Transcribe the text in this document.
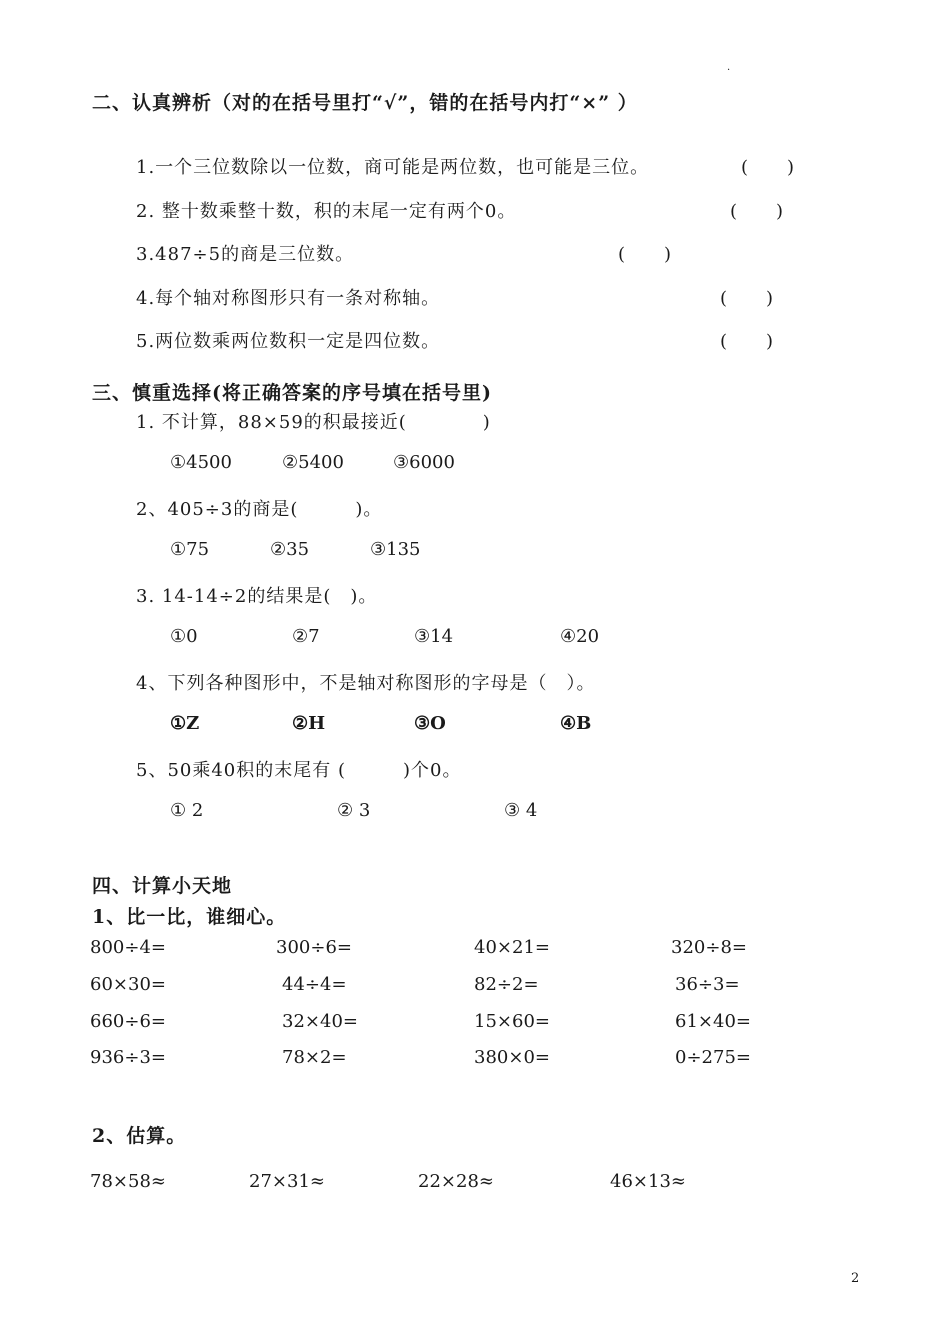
.
二、认真辨析（对的在括号里打“√”，错的在括号内打“×” ）
1.一个三位数除以一位数，商可能是两位数，也可能是三位。	(　　)
2. 整十数乘整十数，积的末尾一定有两个0。	(　　)
3.487÷5的商是三位数。	(　　)
4.每个轴对称图形只有一条对称轴。	(　　)
5.两位数乘两位数积一定是四位数。	(　　)
三、慎重选择(将正确答案的序号填在括号里)
1. 不计算，88×59的积最接近(　　　　)
①4500	②5400	③6000
2、405÷3的商是(　　　)。
①75	②35	③135
3. 14-14÷2的结果是(　)。
①0	②7	③14	④20
4、下列各种图形中，不是轴对称图形的字母是（　）。
①Z	②H	③O	④B
5、50乘40积的末尾有 (　　　)个0。
① 2	② 3	③ 4
四、计算小天地
1、比一比，谁细心。
800÷4=	300÷6=	40×21=	320÷8=
60×30=	44÷4=	82÷2=	36÷3=
660÷6=	32×40=	15×60=	61×40=
936÷3=	78×2=	380×0=	0÷275=
2、估算。
78×58≈	27×31≈	22×28≈	46×13≈
2
